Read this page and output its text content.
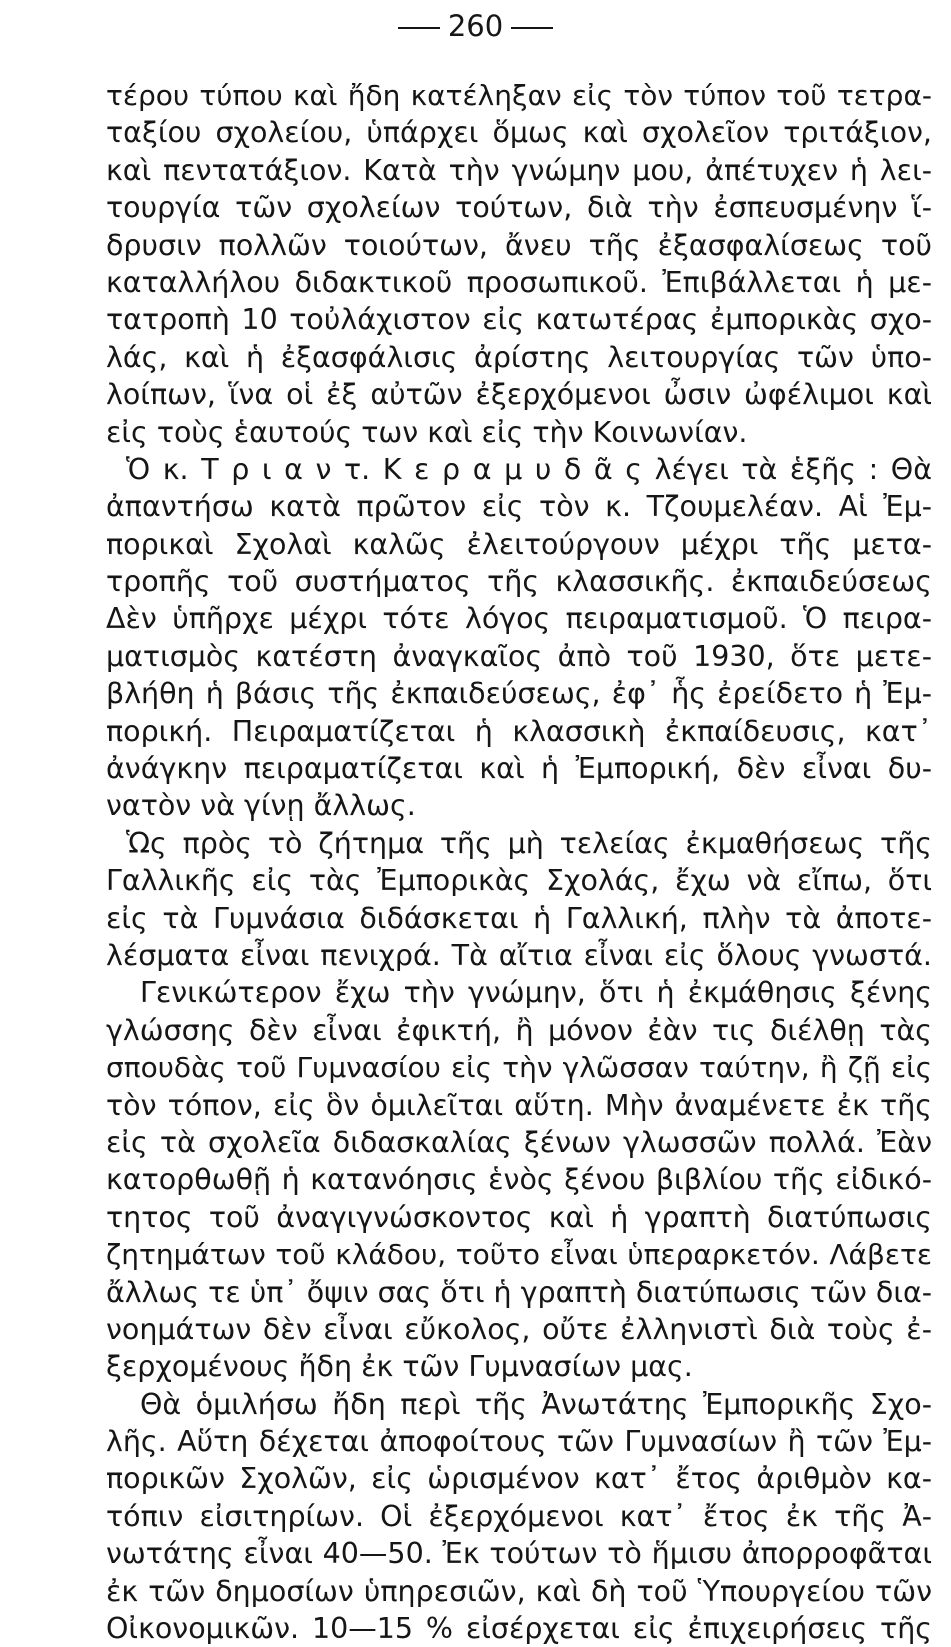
260
τέρου τύπου καὶ ἤδη κατέληξαν εἰς τὸν τύπον τοῦ τετρα-
ταξίου σχολείου, ὑπάρχει ὅμως καὶ σχολεῖον τριτάξιον,
καὶ πεντατάξιον. Κατὰ τὴν γνώμην μου, ἀπέτυχεν ἡ λει-
τουργία τῶν σχολείων τούτων, διὰ τὴν ἐσπευσμένην ἵ-
δρυσιν πολλῶν τοιούτων, ἄνευ τῆς ἐξασφαλίσεως τοῦ
καταλλήλου διδακτικοῦ προσωπικοῦ. Ἐπιβάλλεται ἡ με-
τατροπὴ 10 τοὐλάχιστον εἰς κατωτέρας ἐμπορικὰς σχο-
λάς, καὶ ἡ ἐξασφάλισις ἀρίστης λειτουργίας τῶν ὑπο-
λοίπων, ἵνα οἱ ἐξ αὐτῶν ἐξερχόμενοι ὦσιν ὠφέλιμοι καὶ
εἰς τοὺς ἑαυτούς των καὶ εἰς τὴν Κοινωνίαν.
Ὁ κ. Τ ρ ι α ν τ. Κ ε ρ α μ υ δ ᾶ ς λέγει τὰ ἑξῆς : Θὰ
ἀπαντήσω κατὰ πρῶτον εἰς τὸν κ. Τζουμελέαν. Αἱ Ἐμ-
πορικαὶ Σχολαὶ καλῶς ἐλειτούργουν μέχρι τῆς μετα-
τροπῆς τοῦ συστήματος τῆς κλασσικῆς. ἐκπαιδεύσεως
Δὲν ὑπῆρχε μέχρι τότε λόγος πειραματισμοῦ. Ὁ πειρα-
ματισμὸς κατέστη ἀναγκαῖος ἀπὸ τοῦ 1930, ὅτε μετε-
βλήθη ἡ βάσις τῆς ἐκπαιδεύσεως, ἐφ᾽ ἧς ἐρείδετο ἡ Ἐμ-
πορική. Πειραματίζεται ἡ κλασσικὴ ἐκπαίδευσις, κατ᾽
ἀνάγκην πειραματίζεται καὶ ἡ Ἐμπορική, δὲν εἶναι δυ-
νατὸν νὰ γίνῃ ἄλλως.
Ὡς πρὸς τὸ ζήτημα τῆς μὴ τελείας ἐκμαθήσεως τῆς
Γαλλικῆς εἰς τὰς Ἐμπορικὰς Σχολάς, ἔχω νὰ εἴπω, ὅτι
εἰς τὰ Γυμνάσια διδάσκεται ἡ Γαλλική, πλὴν τὰ ἀποτε-
λέσματα εἶναι πενιχρά. Τὰ αἴτια εἶναι εἰς ὅλους γνωστά.
Γενικώτερον ἔχω τὴν γνώμην, ὅτι ἡ ἐκμάθησις ξένης
γλώσσης δὲν εἶναι ἐφικτή, ἢ μόνον ἐὰν τις διέλθῃ τὰς
σπουδὰς τοῦ Γυμνασίου εἰς τὴν γλῶσσαν ταύτην, ἢ ζῇ εἰς
τὸν τόπον, εἰς ὃν ὁμιλεῖται αὕτη. Μὴν ἀναμένετε ἐκ τῆς
εἰς τὰ σχολεῖα διδασκαλίας ξένων γλωσσῶν πολλά. Ἐὰν
κατορθωθῇ ἡ κατανόησις ἑνὸς ξένου βιβλίου τῆς εἰδικό-
τητος τοῦ ἀναγιγνώσκοντος καὶ ἡ γραπτὴ διατύπωσις
ζητημάτων τοῦ κλάδου, τοῦτο εἶναι ὑπεραρκετόν. Λάβετε
ἄλλως τε ὑπ᾽ ὄψιν σας ὅτι ἡ γραπτὴ διατύπωσις τῶν δια-
νοημάτων δὲν εἶναι εὔκολος, οὔτε ἐλληνιστὶ διὰ τοὺς ἐ-
ξερχομένους ἤδη ἐκ τῶν Γυμνασίων μας.
Θὰ ὁμιλήσω ἤδη περὶ τῆς Ἀνωτάτης Ἐμπορικῆς Σχο-
λῆς. Αὕτη δέχεται ἀποφοίτους τῶν Γυμνασίων ἢ τῶν Ἐμ-
πορικῶν Σχολῶν, εἰς ὡρισμένον κατ᾽ ἔτος ἀριθμὸν κα-
τόπιν εἰσιτηρίων. Οἱ ἐξερχόμενοι κατ᾽ ἔτος ἐκ τῆς Ἀ-
νωτάτης εἶναι 40—50. Ἐκ τούτων τὸ ἥμισυ ἀπορροφᾶται
ἐκ τῶν δημοσίων ὑπηρεσιῶν, καὶ δὴ τοῦ Ὑπουργείου τῶν
Οἰκονομικῶν. 10—15 % εἰσέρχεται εἰς ἐπιχειρήσεις τῆς
